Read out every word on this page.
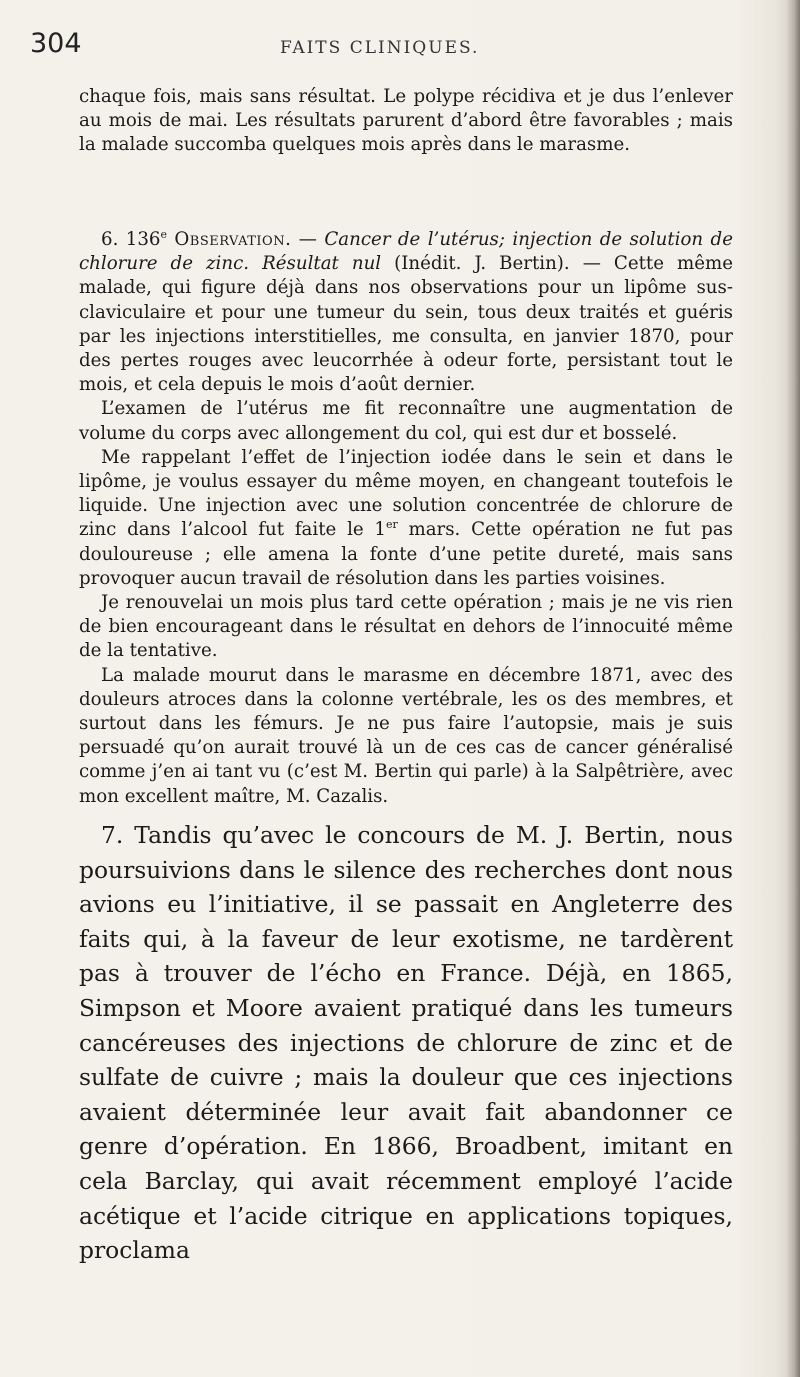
304	FAITS CLINIQUES.

chaque fois, mais sans résultat. Le polype récidiva et je dus l’enlever au mois de mai. Les résultats parurent d’abord être favorables ; mais la malade succomba quelques mois après dans le marasme.

6. 136e Observation. — Cancer de l’utérus; injection de solution de chlorure de zinc. Résultat nul (Inédit. J. Bertin). — Cette même malade, qui figure déjà dans nos observations pour un lipôme sus-claviculaire et pour une tumeur du sein, tous deux traités et guéris par les injections interstitielles, me consulta, en janvier 1870, pour des pertes rouges avec leucorrhée à odeur forte, persistant tout le mois, et cela depuis le mois d’août dernier.

L’examen de l’utérus me fit reconnaître une augmentation de volume du corps avec allongement du col, qui est dur et bosselé.

Me rappelant l’effet de l’injection iodée dans le sein et dans le lipôme, je voulus essayer du même moyen, en changeant toutefois le liquide. Une injection avec une solution concentrée de chlorure de zinc dans l’alcool fut faite le 1er mars. Cette opération ne fut pas douloureuse ; elle amena la fonte d’une petite dureté, mais sans provoquer aucun travail de résolution dans les parties voisines.

Je renouvelai un mois plus tard cette opération ; mais je ne vis rien de bien encourageant dans le résultat en dehors de l’innocuité même de la tentative.

La malade mourut dans le marasme en décembre 1871, avec des douleurs atroces dans la colonne vertébrale, les os des membres, et surtout dans les fémurs. Je ne pus faire l’autopsie, mais je suis persuadé qu’on aurait trouvé là un de ces cas de cancer généralisé comme j’en ai tant vu (c’est M. Bertin qui parle) à la Salpêtrière, avec mon excellent maître, M. Cazalis.

7. Tandis qu’avec le concours de M. J. Bertin, nous poursuivions dans le silence des recherches dont nous avions eu l’initiative, il se passait en Angleterre des faits qui, à la faveur de leur exotisme, ne tardèrent pas à trouver de l’écho en France. Déjà, en 1865, Simpson et Moore avaient pratiqué dans les tumeurs cancéreuses des injections de chlorure de zinc et de sulfate de cuivre ; mais la douleur que ces injections avaient déterminée leur avait fait abandonner ce genre d’opération. En 1866, Broadbent, imitant en cela Barclay, qui avait récemment employé l’acide acétique et l’acide citrique en applications topiques, proclama
